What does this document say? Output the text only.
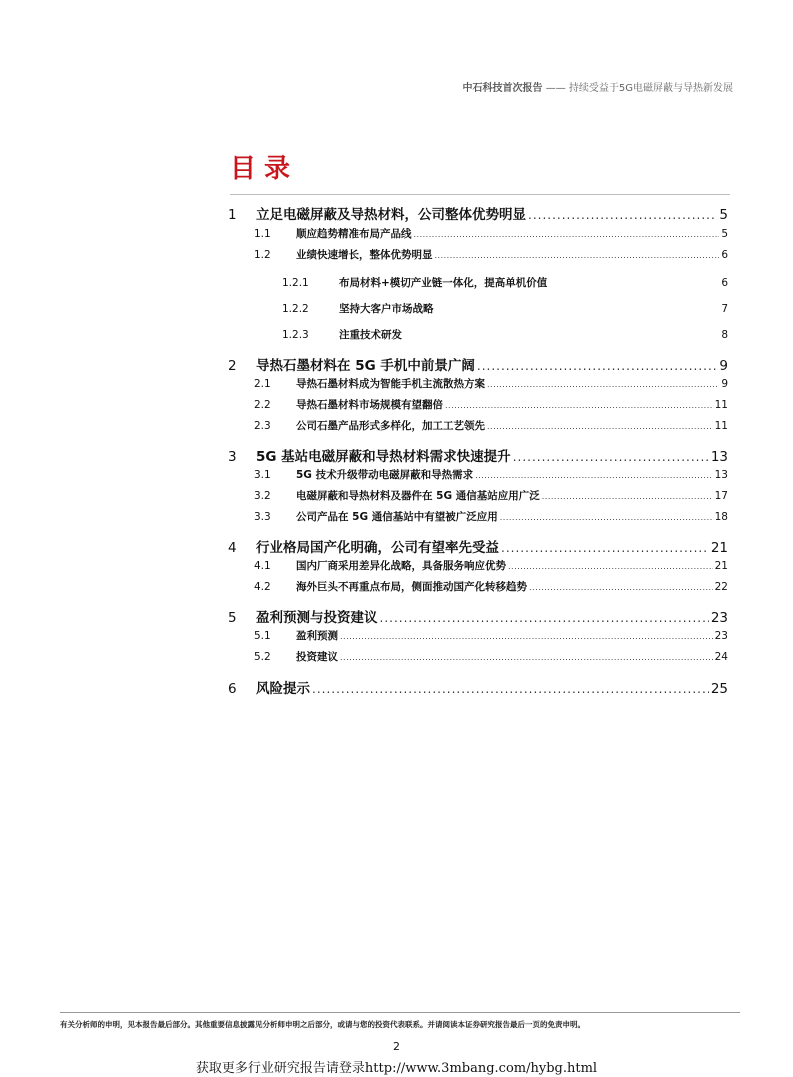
中石科技首次报告 —— 持续受益于5G电磁屏蔽与导热新发展
目录
1	立足电磁屏蔽及导热材料，公司整体优势明显 .....	5
1.1	顺应趋势精准布局产品线 .....	5
1.2	业绩快速增长，整体优势明显 .....	6
1.2.1	布局材料+模切产业链一体化，提高单机价值	6
1.2.2	坚持大客户市场战略	7
1.2.3	注重技术研发	8
2	导热石墨材料在 5G 手机中前景广阔 .....	9
2.1	导热石墨材料成为智能手机主流散热方案 .....	9
2.2	导热石墨材料市场规模有望翻倍 .....	11
2.3	公司石墨产品形式多样化，加工工艺领先 .....	11
3	5G 基站电磁屏蔽和导热材料需求快速提升 .....	13
3.1	5G 技术升级带动电磁屏蔽和导热需求 .....	13
3.2	电磁屏蔽和导热材料及器件在 5G 通信基站应用广泛 .....	17
3.3	公司产品在 5G 通信基站中有望被广泛应用 .....	18
4	行业格局国产化明确，公司有望率先受益 .....	21
4.1	国内厂商采用差异化战略，具备服务响应优势 .....	21
4.2	海外巨头不再重点布局，侧面推动国产化转移趋势 .....	22
5	盈利预测与投资建议 .....	23
5.1	盈利预测 .....	23
5.2	投资建议 .....	24
6	风险提示 .....	25
有关分析师的申明，见本报告最后部分。其他重要信息披露见分析师申明之后部分，或请与您的投资代表联系。并请阅读本证券研究报告最后一页的免责申明。
2
获取更多行业研究报告请登录http://www.3mbang.com/hybg.html
